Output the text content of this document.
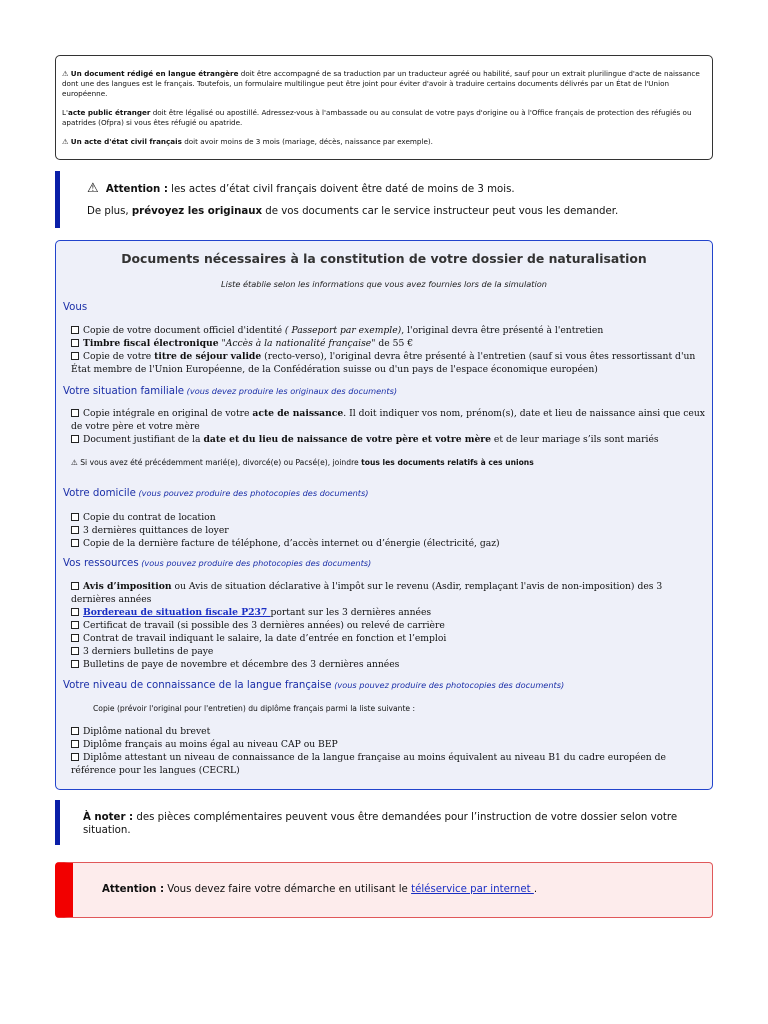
⚠ Un document rédigé en langue étrangère doit être accompagné de sa traduction par un traducteur agréé ou habilité, sauf pour un extrait plurilingue d'acte de naissance dont une des langues est le français. Toutefois, un formulaire multilingue peut être joint pour éviter d'avoir à traduire certains documents délivrés par un État de l'Union européenne.

L'acte public étranger doit être légalisé ou apostillé. Adressez-vous à l'ambassade ou au consulat de votre pays d'origine ou à l'Office français de protection des réfugiés ou apatrides (Ofpra) si vous êtes réfugié ou apatride.

⚠ Un acte d'état civil français doit avoir moins de 3 mois (mariage, décès, naissance par exemple).

⚠ Attention : les actes d’état civil français doivent être daté de moins de 3 mois.
De plus, prévoyez les originaux de vos documents car le service instructeur peut vous les demander.
Documents nécessaires à la constitution de votre dossier de naturalisation
Liste établie selon les informations que vous avez fournies lors de la simulation
Vous
Copie de votre document officiel d'identité ( Passeport par exemple), l'original devra être présenté à l'entretien
Timbre fiscal électronique "Accès à la nationalité française" de 55 €
Copie de votre titre de séjour valide (recto-verso), l'original devra être présenté à l'entretien (sauf si vous êtes ressortissant d'un État membre de l'Union Européenne, de la Confédération suisse ou d'un pays de l'espace économique européen)
Votre situation familiale (vous devez produire les originaux des documents)
Copie intégrale en original de votre acte de naissance. Il doit indiquer vos nom, prénom(s), date et lieu de naissance ainsi que ceux de votre père et votre mère
Document justifiant de la date et du lieu de naissance de votre père et votre mère et de leur mariage s’ils sont mariés
⚠ Si vous avez été précédemment marié(e), divorcé(e) ou Pacsé(e), joindre tous les documents relatifs à ces unions
Votre domicile (vous pouvez produire des photocopies des documents)
Copie du contrat de location
3 dernières quittances de loyer
Copie de la dernière facture de téléphone, d’accès internet ou d’énergie (électricité, gaz)
Vos ressources (vous pouvez produire des photocopies des documents)
Avis d’imposition ou Avis de situation déclarative à l'impôt sur le revenu (Asdir, remplaçant l'avis de non-imposition) des 3 dernières années
Bordereau de situation fiscale P237 portant sur les 3 dernières années
Certificat de travail (si possible des 3 dernières années) ou relevé de carrière
Contrat de travail indiquant le salaire, la date d’entrée en fonction et l’emploi
3 derniers bulletins de paye
Bulletins de paye de novembre et décembre des 3 dernières années
Votre niveau de connaissance de la langue française (vous pouvez produire des photocopies des documents)
Copie (prévoir l'original pour l'entretien) du diplôme français parmi la liste suivante :
Diplôme national du brevet
Diplôme français au moins égal au niveau CAP ou BEP
Diplôme attestant un niveau de connaissance de la langue française au moins équivalent au niveau B1 du cadre européen de référence pour les langues (CECRL)
À noter : des pièces complémentaires peuvent vous être demandées pour l’instruction de votre dossier selon votre situation.
Attention : Vous devez faire votre démarche en utilisant le téléservice par internet .
